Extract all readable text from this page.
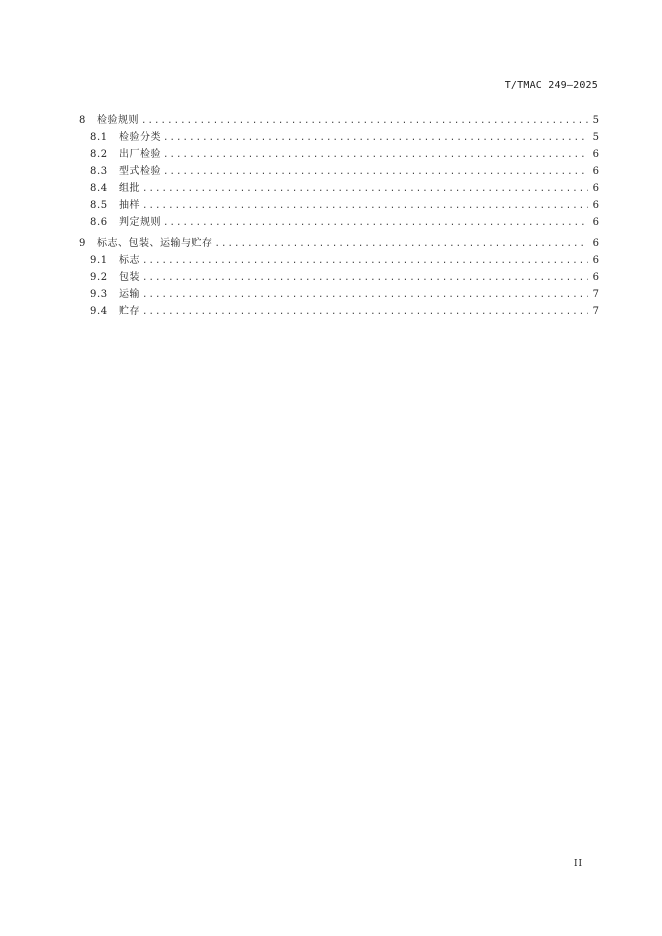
T/TMAC 249—2025
8	检验规则 .....	5
8.1	检验分类 .....	5
8.2	出厂检验 .....	6
8.3	型式检验 .....	6
8.4	组批 .....	6
8.5	抽样 .....	6
8.6	判定规则 .....	6
9	标志、包装、运输与贮存 .....	6
9.1	标志 .....	6
9.2	包装 .....	6
9.3	运输 .....	7
9.4	贮存 .....	7
II
